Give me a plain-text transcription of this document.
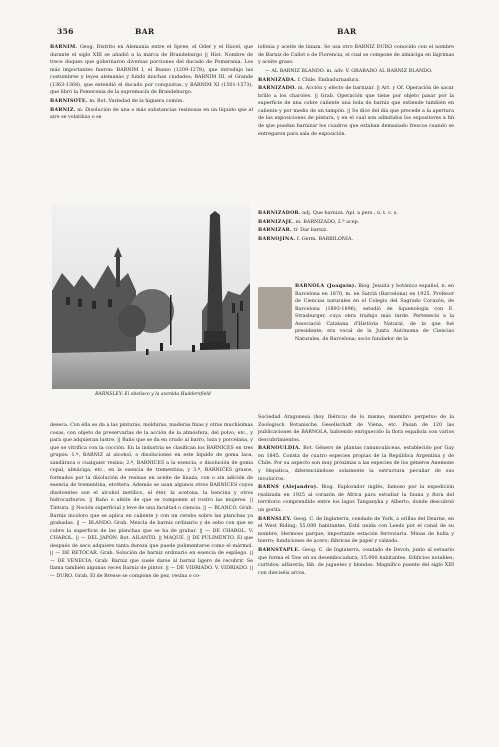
356	BAR	BAR

BARNIM. Geog. Distrito en Alemania entre el Spree, el Oder y el Havel, que durante el siglo XIII se añadió a la marca de Brandeburgo || Hist. Nombre de trece duques que gobernaron diversas porciones del ducado de Pomerania. Los más importantes fueron: BARNIM I, el Bueno (1209-1278), que introdujo las costumbres y leyes alemanas y fundó muchas ciudades; BARNIM III, el Grande (1363-1368), que extendió el ducado por conquistas, y BARNIM XI (1501-1573), que libró la Pomerania de la supremacía de Brandeburgo.

BARNISOTE. m. Bot. Variedad de la higuera común.

BARNIZ. m. Disolución de una o más substancias resinosas en un líquido que al aire se volatiliza o se

lofonia y aceite de linaza. Se usa otro BARNIZ DURO conocido con el nombre de Barniz de Callot o de Florencia, el cual se compone de almáciga en lágrimas y aceite graso.

— AL BARNIZ BLANDO. m. adv. V. GRABADO AL BARNIZ BLANDO.

BARNIZADA. f. Chile. Embadurnadura.

BARNIZADO. m. Acción y efecto de barnizar. || Art. y Of. Operación de sacar brillo a los charoles. || Grab. Operación que tiene por objeto pasar por la superficie de una cobre caliente una bola de barniz que extiende también en caliente y por medio de un tampón. || Se dice del día que precede a la apertura de las exposiciones de pintura, y en el cual son admitidos los expositores a fin de que puedan barnizar los cuadros que estaban demasiado frescos cuando se entregaron para sala de exposición.

BARNIZADOR. adj. Que barniza. Apl. a pers., ú. t. c. s.

BARNIZAJE. m. BARNIZADO, 2.ª acep.

BARNIZAR. tr. Dar barniz.

BARNOJINA. f. Germ. BARBILONIA.

BARNOLA (Joaquín). Biog. Jesuita y botánico español, n. en Barcelona en 1870, m. en Sarriá (Barcelona) en 1925. Profesor de Ciencias naturales en el Colegio del Sagrado Corazón, de Barcelona (1893-1896), estudió de liquenología con E. Strasburger, cuya obra tradujo más tarde. Perteneció a la Associació Catalana d'Història Natural, de la que fué presidente; era vocal de la Junta Autónoma de Ciencias Naturales, de Barcelona; socio fundador de la
BARNSLEY: El obelisco y la avenida Huddersfield

deseca. Con ella se da a las pinturas, molduras, maderas finas y otras muchísimas cosas, con objeto de preservarlas de la acción de la atmósfera, del polvo, etc., y para que adquieran lustre. || Baño que se da en crudo al barro, loza y porcelana, y que se vitrifica con la cocción. En la industria se clasifican los BARNICES en tres grupos: 1.º, BARNIZ al alcohol, o disoluciones en este líquido de goma laca, sandáraca o cualquier resina; 2.º, BARNICES a la esencia, o disolución de goma copal, almáciga, etc., en la esencia de trementina; y 3.º, BARNICES grasos, formados por la disolución de resinas en aceite de linaza, con o sin adición de esencia de trementina, etcétera. Además se usan algunos otros BARNICES cuyos disolventes son el alcohol metílico, el éter, la acetona, la bencina y otros hidrocarburos. || Baño o afeite de que se componen el rostro las mujeres. || Tintura. || Noción superficial y leve de una facultad o ciencia. || — BLANCO. Grab. Barniz incoloro que se aplica en caliente y con un cerebo sobre las planchas ya grabadas. || — BLANDO. Grab. Mezcla de barniz ordinario y de sebo con que se cubre la superficie de las planchas que se ha de grabar. || — DE CHAROL. V. CHAROL. || — DEL JAPÓN. Bot. AILANTO. || MAQUE. || DE PULIMENTO. El que después de seco adquiere tanta dureza que puede pulimentarse como el mármol. || — DE RETOCAR. Grab. Solución de barniz ordinario en esencia de espliego. || — DE VENECIA. Grab. Barniz que suele darse al barniz ligero de recubrir. Se llama también algunas veces Barniz de pintor. || — DE VIDRIADO. V. VIDRIADO. || — DURO. Grab. El de Bresse se compone de pez, resina o co-

Sociedad Aragonesa (hoy Ibérica) de lo mismo; miembro perpetuo de la Zoologisch Botanische Gesellschaft de Viena, etc. Pasan de 120 las publicaciones de BARNOLA, habiendo enriquecido la flora española con varios descubrimientos.

BARNOULDIA. Bot. Género de plantas ranunculáceas, establecido por Gay en 1845. Consta de cuatro especies propias de la República Argentina y de Chile. Por su aspecto son muy próximas a las especies de los géneros Anemone y Hepatica, diferenciándose solamente la estructura peculiar de sus involucros.

BARNS (Alejandro). Biog. Explorador inglés, famoso por la expedición realizada en 1925 al corazón de África para estudiar la fauna y flora del territorio comprendido entre los lagos Tanganyka y Alberto, donde descubrió un gorila.

BARNSLEY. Geog. C. de Inglaterra, condado de York, a orillas del Dearne, en el West Riding; 55.000 habitantes. Está unida con Leeds por el canal de su nombre. Hermoso parque; importante estación ferroviaria. Minas de hulla y hierro; fundiciones de acero; fábricas de papel y calzado.

BARNSTAPLE. Geog. C. de Inglaterra, condado de Devon, junto al estuario que forma el Taw en su desembocadura; 15.000 habitantes. Edificios notables; curtidos; alfarería; fáb. de juguetes y blondas. Magnífico puente del siglo XIII con dieciséis arcos.
